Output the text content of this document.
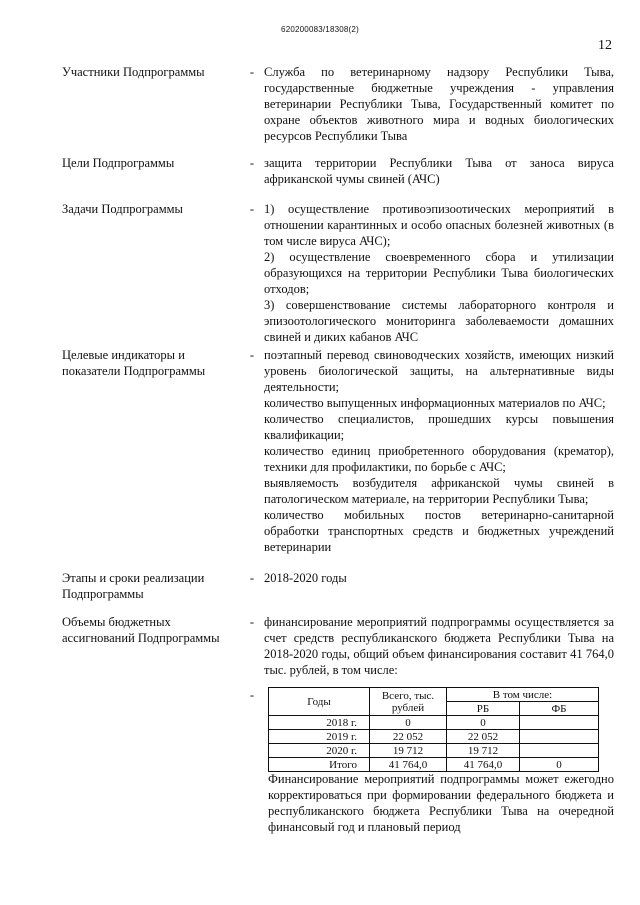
620200083/18308(2)
12
Участники Подпрограммы	- Служба по ветеринарному надзору Республики Тыва, государственные бюджетные учреждения - управления ветеринарии Республики Тыва, Государственный комитет по охране объектов животного мира и водных биологических ресурсов Республики Тыва

Цели Подпрограммы	- защита территории Республики Тыва от заноса вируса африканской чумы свиней (АЧС)

Задачи Подпрограммы	- 1) осуществление противоэпизоотических мероприятий в отношении карантинных и особо опасных болезней животных (в том числе вируса АЧС);

2) осуществление своевременного сбора и утилизации образующихся на территории Республики Тыва биологических отходов;

3) совершенствование системы лабораторного контроля и эпизоотологического мониторинга заболеваемости домашних свиней и диких кабанов АЧС

Целевые индикаторы и показатели Подпрограммы
- поэтапный перевод свиноводческих хозяйств, имеющих низкий уровень биологической защиты, на альтернативные виды деятельности;

количество выпущенных информационных материалов по АЧС;

количество специалистов, прошедших курсы повышения квалификации;

количество единиц приобретенного оборудования (крематор), техники для профилактики, по борьбе с АЧС;

выявляемость возбудителя африканской чумы свиней в патологическом материале, на территории Республики Тыва;

количество мобильных постов ветеринарно-санитарной обработки транспортных средств и бюджетных учреждений ветеринарии

Этапы и сроки реализации Подпрограммы
- 2018-2020 годы

Объемы бюджетных ассигнований Подпрограммы
- финансирование мероприятий подпрограммы осуществляется за счет средств республиканского бюджета Республики Тыва на 2018-2020 годы, общий объем финансирования составит 41 764,0 тыс. рублей, в том числе:

-	Годы	Всего, тыс. рублей	В том числе:	
		РБ	ФБ
2018 г.	0	0	
2019 г.	22 052	22 052	
2020 г.	19 712	19 712	
Итого	41 764,0	41 764,0	0
Финансирование мероприятий подпрограммы может ежегодно корректироваться при формировании федерального бюджета и республиканского бюджета Республики Тыва на очередной финансовый год и плановый период
